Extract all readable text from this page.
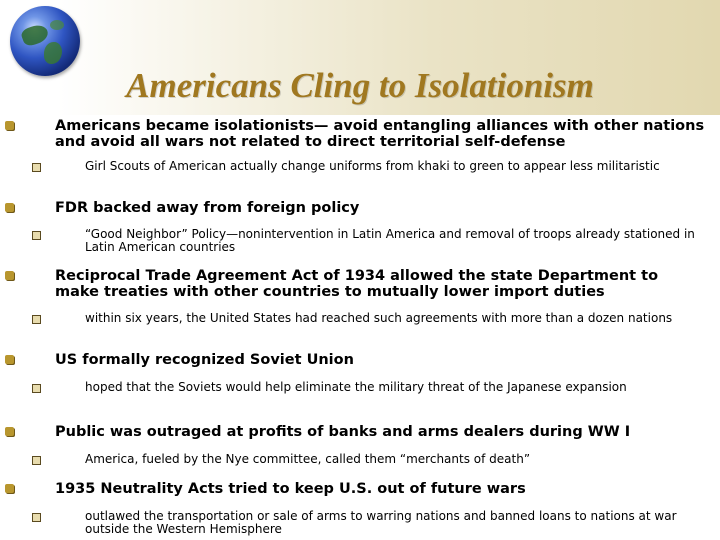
Americans Cling to Isolationism
Americans became isolationists— avoid entangling alliances with other nations and avoid all wars not related to direct territorial self-defense
Girl Scouts of American actually change uniforms from khaki to green to appear less militaristic
FDR backed away from foreign policy
“Good Neighbor” Policy—nonintervention in Latin America and removal of troops already stationed in Latin American countries
Reciprocal Trade Agreement Act of 1934 allowed the state Department to make treaties with other countries to mutually lower import duties
within six years, the United States had reached such agreements with more than a dozen nations
US formally recognized Soviet Union
hoped that the Soviets would help eliminate the military threat of the Japanese expansion
Public was outraged at profits of banks and arms dealers during WW I
America, fueled by the Nye committee, called them “merchants of death”
1935 Neutrality Acts tried to keep U.S. out of future wars
outlawed the transportation or sale of arms to warring nations and banned loans to nations at war outside the Western Hemisphere
